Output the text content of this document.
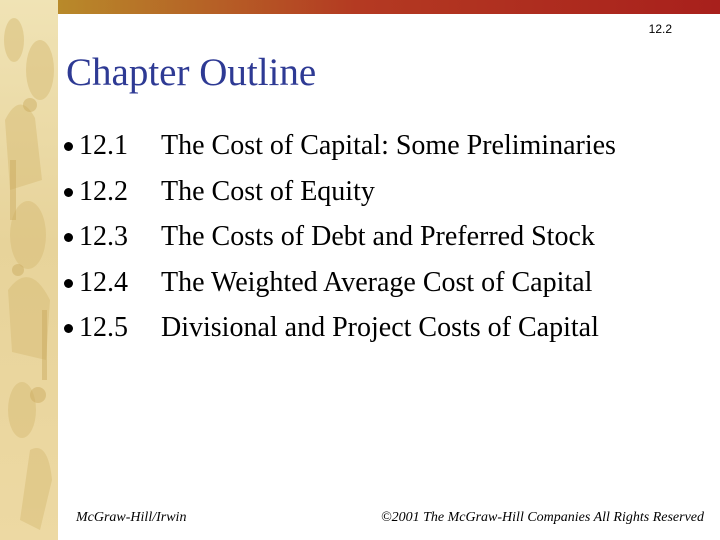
12.2
Chapter Outline
12.1	The Cost of Capital: Some Preliminaries
12.2	The Cost of Equity
12.3	The Costs of Debt and Preferred Stock
12.4	The Weighted Average Cost of Capital
12.5	Divisional and Project Costs of Capital
McGraw-Hill/Irwin	©2001 The McGraw-Hill Companies All Rights Reserved
